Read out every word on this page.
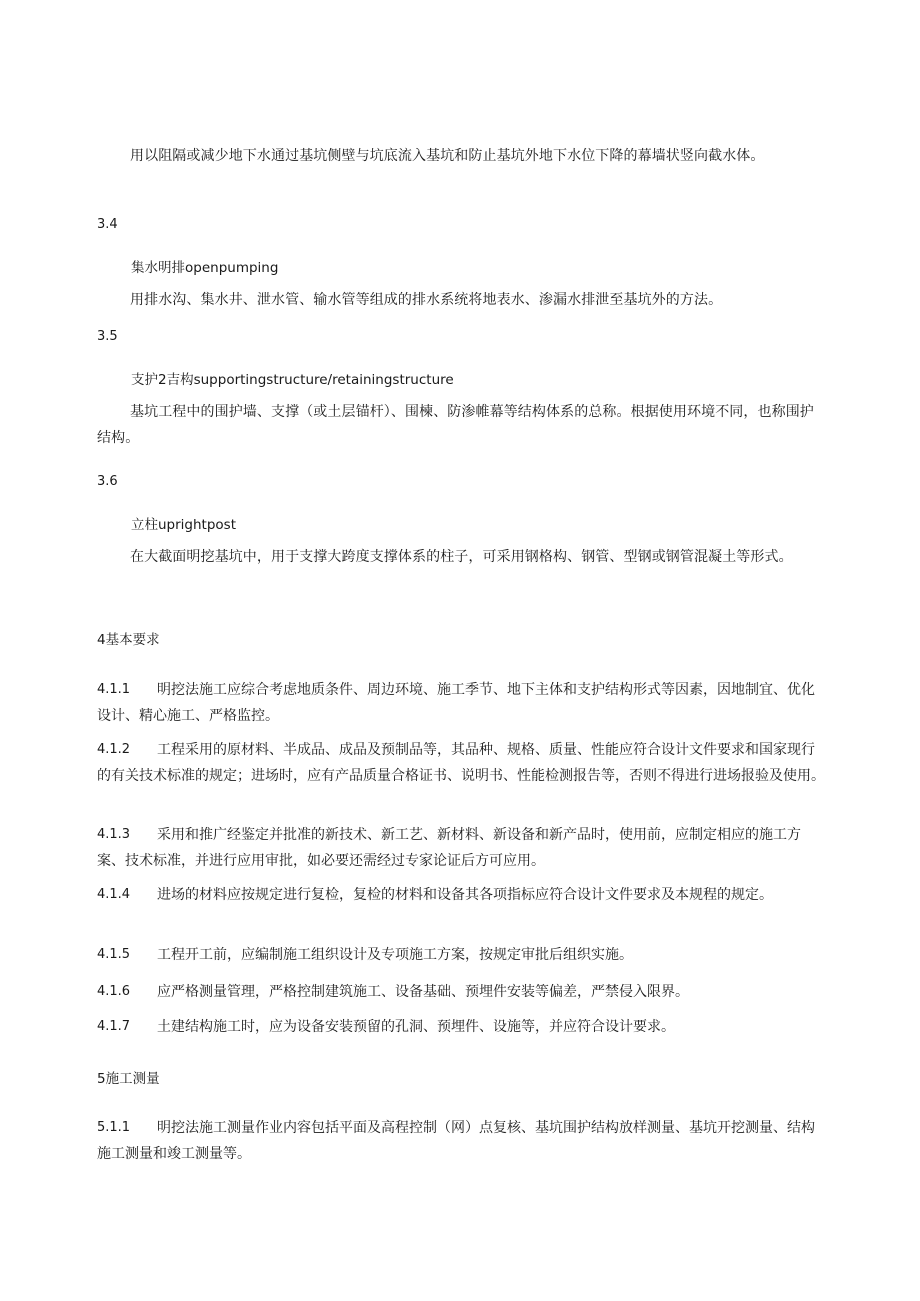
用以阻隔或减少地下水通过基坑侧壁与坑底流入基坑和防止基坑外地下水位下降的幕墙状竖向截水体。
3.4
集水明排openpumping
用排水沟、集水井、泄水管、输水管等组成的排水系统将地表水、渗漏水排泄至基坑外的方法。
3.5
支护2吉构supportingstructure/retainingstructure
基坑工程中的围护墙、支撑（或土层锚杆）、围楝、防渗帷幕等结构体系的总称。根据使用环境不同，也称围护结构。
3.6
立柱uprightpost
在大截面明挖基坑中，用于支撑大跨度支撑体系的柱子，可采用钢格构、钢管、型钢或钢管混凝土等形式。
4基本要求
4.1.1	明挖法施工应综合考虑地质条件、周边环境、施工季节、地下主体和支护结构形式等因素，因地制宜、优化设计、精心施工、严格监控。
4.1.2	工程采用的原材料、半成品、成品及预制品等，其品种、规格、质量、性能应符合设计文件要求和国家现行的有关技术标准的规定；进场时，应有产品质量合格证书、说明书、性能检测报告等，否则不得进行进场报验及使用。
4.1.3	采用和推广经鉴定并批准的新技术、新工艺、新材料、新设备和新产品时，使用前，应制定相应的施工方案、技术标准，并进行应用审批，如必要还需经过专家论证后方可应用。
4.1.4	进场的材料应按规定进行复检，复检的材料和设备其各项指标应符合设计文件要求及本规程的规定。
4.1.5	工程开工前，应编制施工组织设计及专项施工方案，按规定审批后组织实施。
4.1.6	应严格测量管理，严格控制建筑施工、设备基础、预埋件安装等偏差，严禁侵入限界。
4.1.7	土建结构施工时，应为设备安装预留的孔洞、预埋件、设施等，并应符合设计要求。
5施工测量
5.1.1	明挖法施工测量作业内容包括平面及高程控制（网）点复核、基坑围护结构放样测量、基坑开挖测量、结构施工测量和竣工测量等。
